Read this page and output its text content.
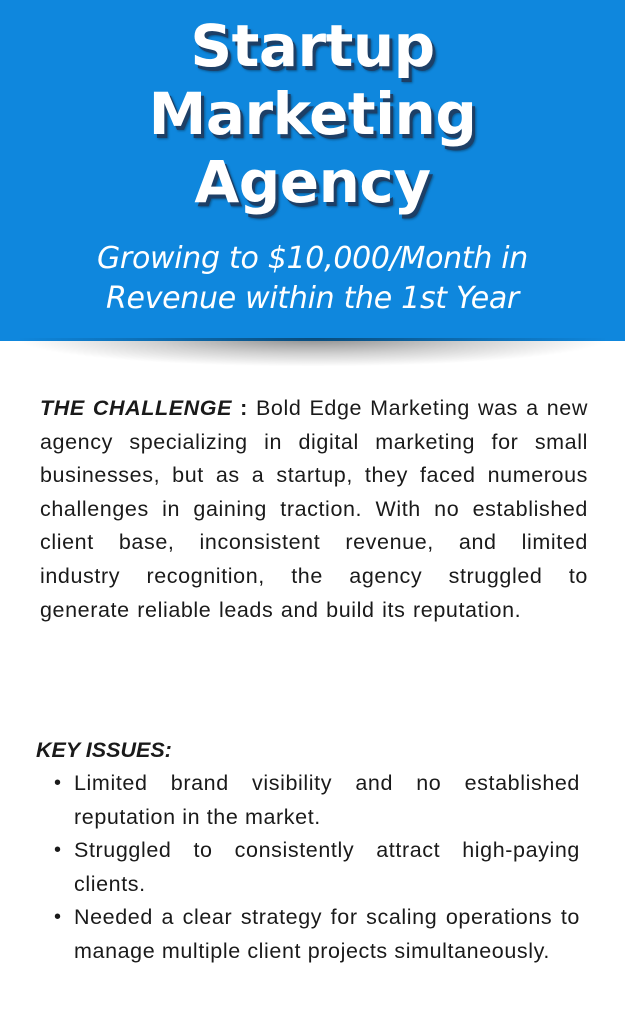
Startup
Marketing
Agency
Growing to $10,000/Month in
Revenue within the 1st Year
THE CHALLENGE : Bold Edge Marketing was a new agency specializing in digital marketing for small businesses, but as a startup, they faced numerous challenges in gaining traction. With no established client base, inconsistent revenue, and limited industry recognition, the agency struggled to generate reliable leads and build its reputation.
KEY ISSUES:
• Limited brand visibility and no established reputation in the market.
• Struggled to consistently attract high-paying clients.
• Needed a clear strategy for scaling operations to manage multiple client projects simultaneously.
